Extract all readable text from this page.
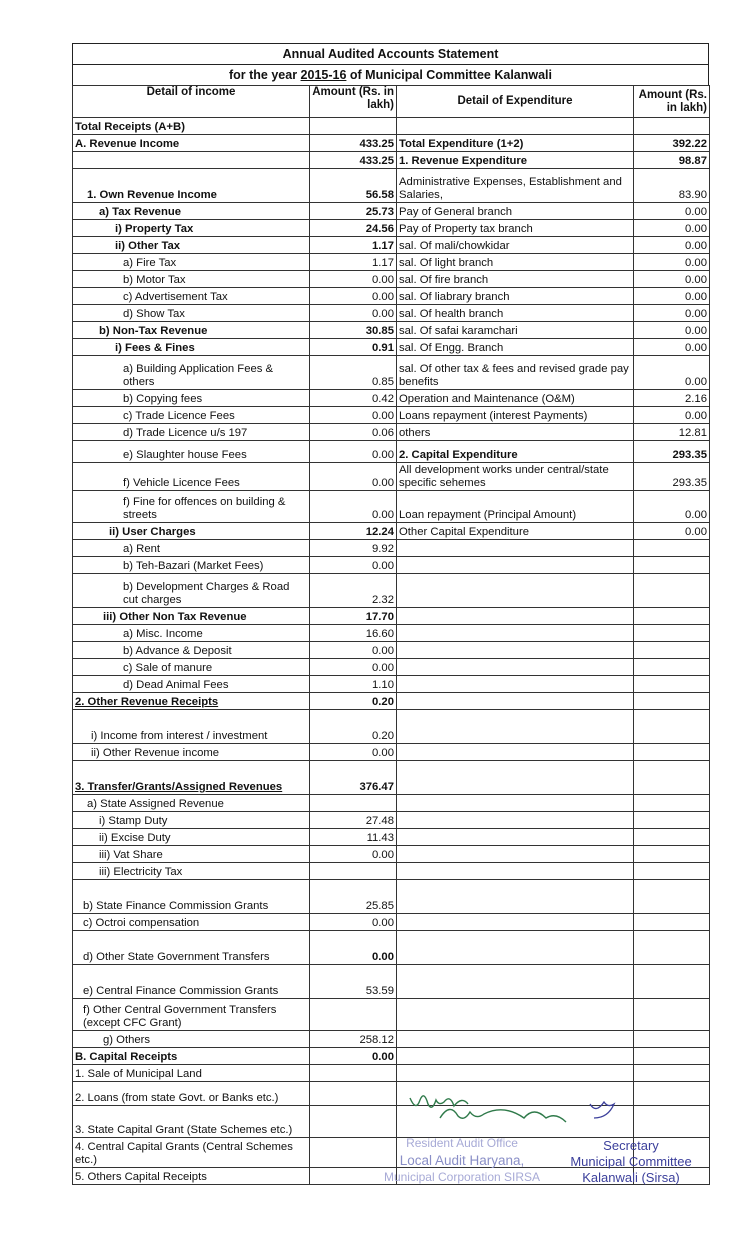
Annual Audited Accounts Statement
for the year 2015-16 of Municipal Committee Kalanwali
Detail of income	Amount (Rs. in lakh)	Detail of Expenditure	Amount (Rs. in lakh)
Total Receipts (A+B)			
A. Revenue Income	433.25	Total Expenditure (1+2)	392.22
	433.25	1. Revenue Expenditure	98.87
1. Own Revenue Income	56.58	Administrative Expenses, Establishment and Salaries,	83.90
a) Tax Revenue	25.73	Pay of General branch	0.00
i) Property Tax	24.56	Pay of Property tax branch	0.00
ii) Other Tax	1.17	sal. Of mali/chowkidar	0.00
a) Fire Tax	1.17	sal. Of light branch	0.00
b) Motor Tax	0.00	sal. Of fire branch	0.00
c) Advertisement Tax	0.00	sal. Of liabrary branch	0.00
d) Show Tax	0.00	sal. Of health branch	0.00
b) Non-Tax Revenue	30.85	sal. Of safai karamchari	0.00
i) Fees & Fines	0.91	sal. Of Engg. Branch	0.00
a) Building Application Fees & others	0.85	sal. Of other tax & fees and revised grade pay benefits	0.00
b) Copying fees	0.42	Operation and Maintenance (O&M)	2.16
c) Trade Licence Fees	0.00	Loans repayment (interest Payments)	0.00
d) Trade Licence u/s 197	0.06	others	12.81
e) Slaughter house Fees	0.00	2. Capital Expenditure	293.35
f) Vehicle Licence Fees	0.00	All development works under central/state specific sehemes	293.35
f) Fine for offences on building & streets	0.00	Loan repayment (Principal Amount)	0.00
ii) User Charges	12.24	Other Capital Expenditure	0.00
a) Rent	9.92		
b) Teh-Bazari (Market Fees)	0.00		
b) Development Charges & Road cut charges	2.32		
iii) Other Non Tax Revenue	17.70		
a) Misc. Income	16.60		
b) Advance & Deposit	0.00		
c) Sale of manure	0.00		
d) Dead Animal Fees	1.10		
2. Other Revenue Receipts	0.20		
i) Income from interest / investment	0.20		
ii) Other Revenue income	0.00		
3. Transfer/Grants/Assigned Revenues	376.47		
a) State Assigned Revenue			
i) Stamp Duty	27.48		
ii) Excise Duty	11.43		
iii) Vat Share	0.00		
iii) Electricity Tax			
b) State Finance Commission Grants	25.85		
c) Octroi compensation	0.00		
d) Other State Government Transfers	0.00		
e) Central Finance Commission Grants	53.59		
f) Other Central Government Transfers (except CFC Grant)			
g) Others	258.12		
B. Capital Receipts	0.00		
1. Sale of Municipal Land			
2. Loans (from state Govt. or Banks etc.)			
3. State Capital Grant (State Schemes etc.)			
4. Central Capital Grants (Central Schemes etc.)			
5. Others Capital Receipts			
Resident Audit Office
Local Audit Haryana,
Municipal Corporation SIRSA
Secretary
Municipal Committee
Kalanwali (Sirsa)
